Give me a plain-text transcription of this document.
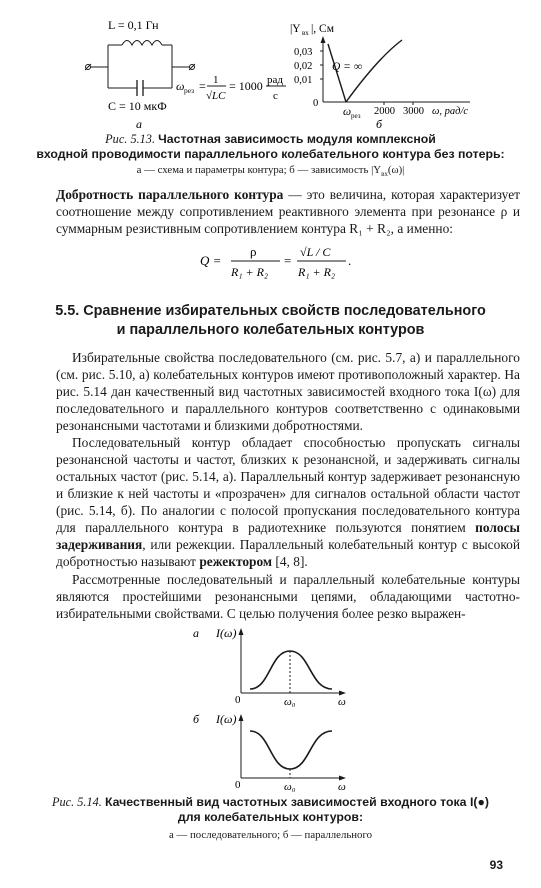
L = 0,1 Гн
C = 10 мкФ
ω рез = 1
√LC
= 1000 рад
с
а
|Y вх |, См
0,03
0,02
0,01
0
Q = ∞
ω рез 2000 3000 ω, рад/с
б
Рис. 5.13. Частотная зависимость модуля комплексной
входной проводимости параллельного колебательного контура без потерь:
а — схема и параметры контура; б — зависимость $|Y_{вх}(\omega)|$
Добротность параллельного контура — это величина, которая характеризует соотношение между сопротивлением реактивного элемента при резонансе ρ и суммарным резистивным сопротивлением контура R₁ + R₂, а именно:
Q =
ρ
R₁ + R₂
=
√L / C
R₁ + R₂
.
5.5. Сравнение избирательных свойств последовательного
и параллельного колебательных контуров
Избирательные свойства последовательного (см. рис. 5.7, а) и параллельного (см. рис. 5.10, а) колебательных контуров имеют противоположный характер. На рис. 5.14 дан качественный вид частотных зависимостей входного тока I(ω) для последовательного и параллельного контуров соответственно с одинаковыми резонансными частотами и близкими добротностями.
Последовательный контур обладает способностью пропускать сигналы резонансной частоты и частот, близких к резонансной, и задерживать сигналы остальных частот (рис. 5.14, а). Параллельный контур задерживает резонансную и близкие к ней частоты и «прозрачен» для сигналов остальной области частот (рис. 5.14, б). По аналогии с полосой пропускания последовательного контура для параллельного контура в радиотехнике пользуются понятием полосы задерживания, или режекции. Параллельный колебательный контур с высокой добротностью называют режектором [4, 8].
Рассмотренные последовательный и параллельный колебательные контуры являются простейшими резонансными цепями, обладающими частотно-избирательными свойствами. С целью получения более резко выражен-
а I(ω)
0	ω₀	ω
б I(ω)
0	ω₀	ω
Рис. 5.14. Качественный вид частотных зависимостей входного тока I(●)
для колебательных контуров:
а — последовательного; б — параллельного
93
